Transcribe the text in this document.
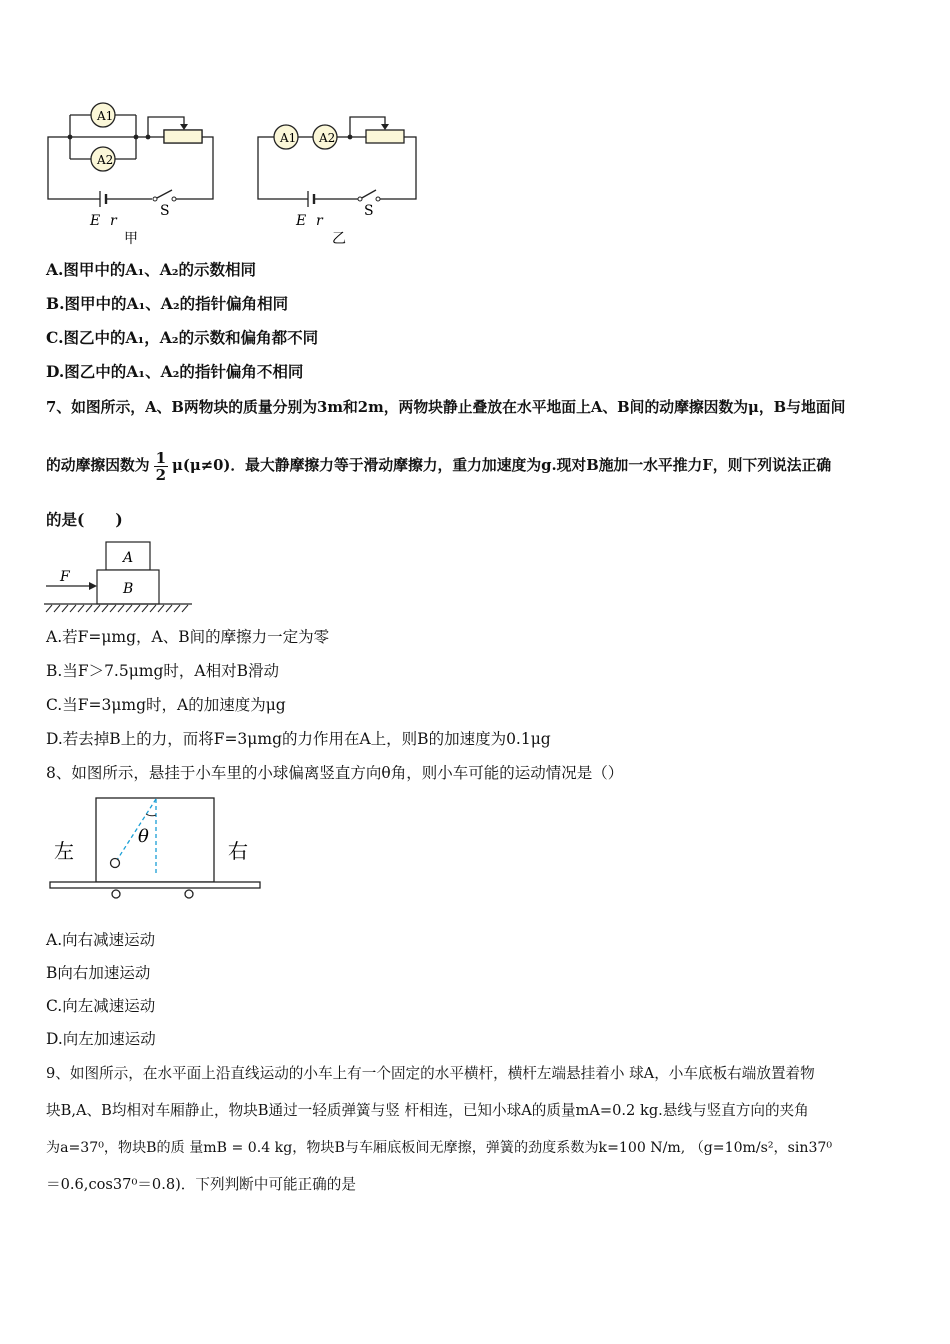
A1
A2
E r
S
甲
A1 A2
E r
S
乙
A.图甲中的A₁、A₂的示数相同
B.图甲中的A₁、A₂的指针偏角相同
C.图乙中的A₁，A₂的示数和偏角都不同
D.图乙中的A₁、A₂的指针偏角不相同
7、如图所示，A、B两物块的质量分别为3m和2m，两物块静止叠放在水平地面上A、B间的动摩擦因数为μ，B与地面间
的动摩擦因数为 $\frac{1}{2} \mu(\mu\ne 0)$．最大静摩擦力等于滑动摩擦力，重力加速度为g.现对B施加一水平推力F，则下列说法正确
的是(　　)
A
B
F
A.若F=μmg，A、B间的摩擦力一定为零
B.当F＞7.5μmg时，A相对B滑动
C.当F=3μmg时，A的加速度为μg
D.若去掉B上的力，而将F=3μmg的力作用在A上，则B的加速度为0.1μg
8、如图所示，悬挂于小车里的小球偏离竖直方向θ角，则小车可能的运动情况是（）
左	右
θ
A.向右减速运动
B向右加速运动
C.向左减速运动
D.向左加速运动
9、如图所示，在水平面上沿直线运动的小车上有一个固定的水平横杆，横杆左端悬挂着小 球A，小车底板右端放置着物
块B,A、B均相对车厢静止，物块B通过一轻质弹簧与竖 杆相连，已知小球A的质量mA=0.2 kg.悬线与竖直方向的夹角
为a=37⁰，物块B的质 量mB = 0.4 kg，物块B与车厢底板间无摩擦，弹簧的劲度系数为k=100 N/m, （g=10m/s²，sin37⁰
＝0.6,cos37⁰＝0.8)．下列判断中可能正确的是
